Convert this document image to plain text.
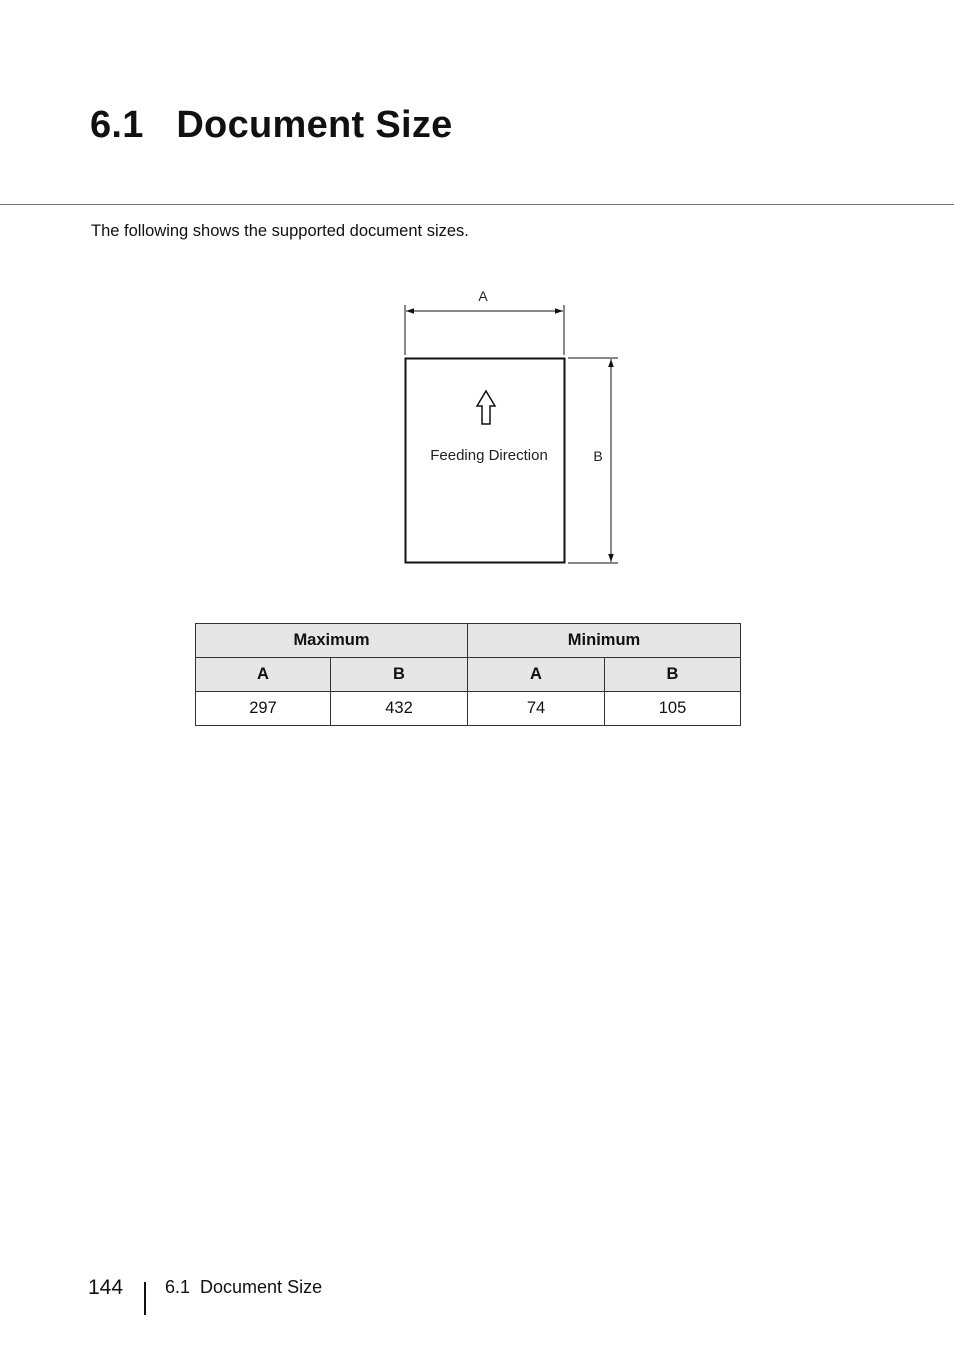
6.1 Document Size

The following shows the supported document sizes.

A
Feeding Direction	B
Maximum		Minimum	
A	B	A	B
297	432	74	105
144 6.1  Document Size
